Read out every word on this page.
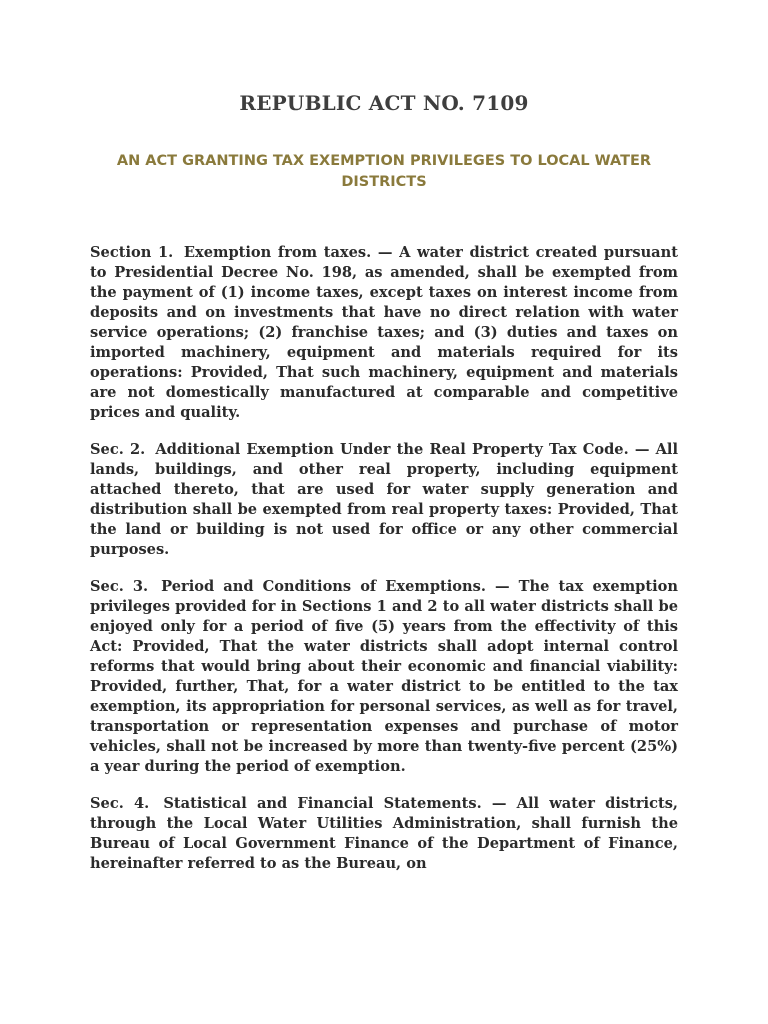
REPUBLIC ACT NO. 7109
AN ACT GRANTING TAX EXEMPTION PRIVILEGES TO LOCAL WATER DISTRICTS

Section 1. Exemption from taxes. — A water district created pursuant to Presidential Decree No. 198, as amended, shall be exempted from the payment of (1) income taxes, except taxes on interest income from deposits and on investments that have no direct relation with water service operations; (2) franchise taxes; and (3) duties and taxes on imported machinery, equipment and materials required for its operations: Provided, That such machinery, equipment and materials are not domestically manufactured at comparable and competitive prices and quality.

Sec. 2. Additional Exemption Under the Real Property Tax Code. — All lands, buildings, and other real property, including equipment attached thereto, that are used for water supply generation and distribution shall be exempted from real property taxes: Provided, That the land or building is not used for office or any other commercial purposes.

Sec. 3. Period and Conditions of Exemptions. — The tax exemption privileges provided for in Sections 1 and 2 to all water districts shall be enjoyed only for a period of five (5) years from the effectivity of this Act: Provided, That the water districts shall adopt internal control reforms that would bring about their economic and financial viability: Provided, further, That, for a water district to be entitled to the tax exemption, its appropriation for personal services, as well as for travel, transportation or representation expenses and purchase of motor vehicles, shall not be increased by more than twenty-five percent (25%) a year during the period of exemption.

Sec. 4. Statistical and Financial Statements. — All water districts, through the Local Water Utilities Administration, shall furnish the Bureau of Local Government Finance of the Department of Finance, hereinafter referred to as the Bureau, on
